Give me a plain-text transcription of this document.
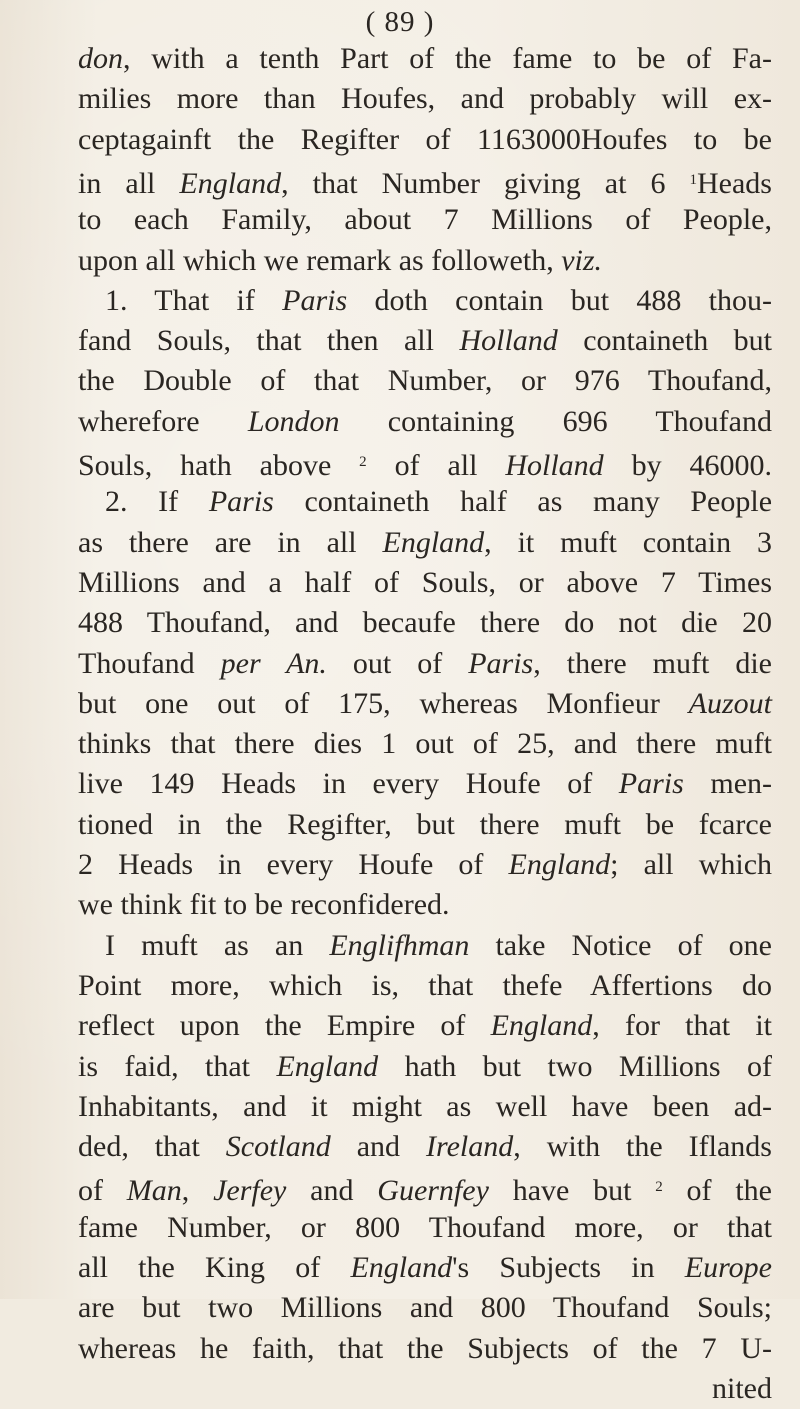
( 89 )
don, with a tenth Part of the fame to be of Fa-
milies more than Houfes, and probably will ex-
ceptagainft the Regifter of 1163000Houfes to be
in all England, that Number giving at 6 $^1$Heads
to each Family, about 7 Millions of People,
upon all which we remark as followeth, viz.
1. That if Paris doth contain but 488 thou-
fand Souls, that then all Holland containeth but
the Double of that Number, or 976 Thoufand,
wherefore London containing 696 Thoufand
Souls, hath above $^2$ of all Holland by 46000.
2. If Paris containeth half as many People
as there are in all England, it muft contain 3
Millions and a half of Souls, or above 7 Times
488 Thoufand, and becaufe there do not die 20
Thoufand per An. out of Paris, there muft die
but one out of 175, whereas Monfieur Auzout
thinks that there dies 1 out of 25, and there muft
live 149 Heads in every Houfe of Paris men-
tioned in the Regifter, but there muft be fcarce
2 Heads in every Houfe of England; all which
we think fit to be reconfidered.
I muft as an Englifhman take Notice of one
Point more, which is, that thefe Affertions do
reflect upon the Empire of England, for that it
is faid, that England hath but two Millions of
Inhabitants, and it might as well have been ad-
ded, that Scotland and Ireland, with the Iflands
of Man, Jerfey and Guernfey have but $^2$ of the
fame Number, or 800 Thoufand more, or that
all the King of England's Subjects in Europe
are but two Millions and 800 Thoufand Souls;
whereas he faith, that the Subjects of the 7 U-
nited
